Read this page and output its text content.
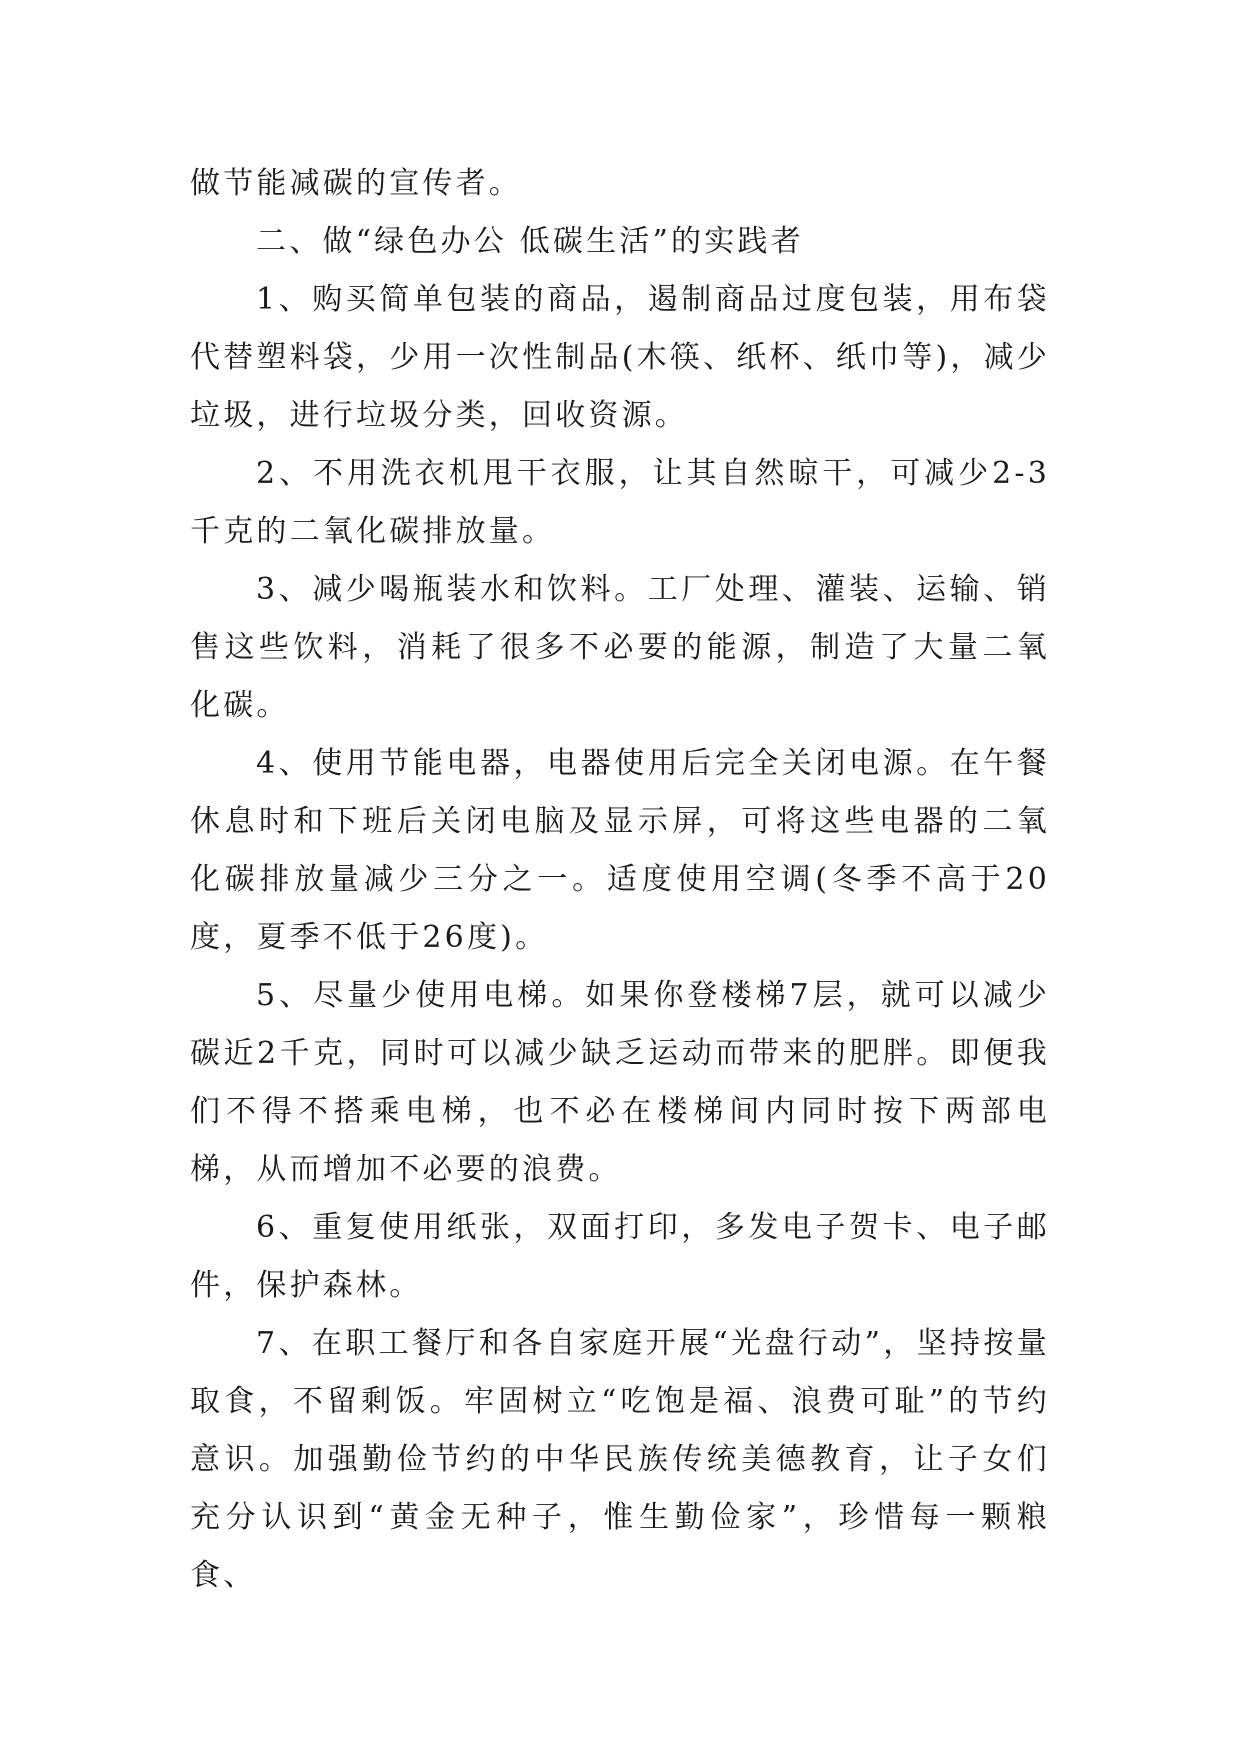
做节能减碳的宣传者。

二、做“绿色办公 低碳生活”的实践者

1、购买简单包装的商品，遏制商品过度包装，用布袋代替塑料袋，少用一次性制品(木筷、纸杯、纸巾等)，减少垃圾，进行垃圾分类，回收资源。

2、不用洗衣机甩干衣服，让其自然晾干，可减少2-3千克的二氧化碳排放量。

3、减少喝瓶装水和饮料。工厂处理、灌装、运输、销售这些饮料，消耗了很多不必要的能源，制造了大量二氧化碳。

4、使用节能电器，电器使用后完全关闭电源。在午餐休息时和下班后关闭电脑及显示屏，可将这些电器的二氧化碳排放量减少三分之一。适度使用空调(冬季不高于20度，夏季不低于26度)。

5、尽量少使用电梯。如果你登楼梯7层，就可以减少碳近2千克，同时可以减少缺乏运动而带来的肥胖。即便我们不得不搭乘电梯，也不必在楼梯间内同时按下两部电梯，从而增加不必要的浪费。

6、重复使用纸张，双面打印，多发电子贺卡、电子邮件，保护森林。

7、在职工餐厅和各自家庭开展“光盘行动”，坚持按量取食，不留剩饭。牢固树立“吃饱是福、浪费可耻”的节约意识。加强勤俭节约的中华民族传统美德教育，让子女们充分认识到“黄金无种子，惟生勤俭家”，珍惜每一颗粮食、
